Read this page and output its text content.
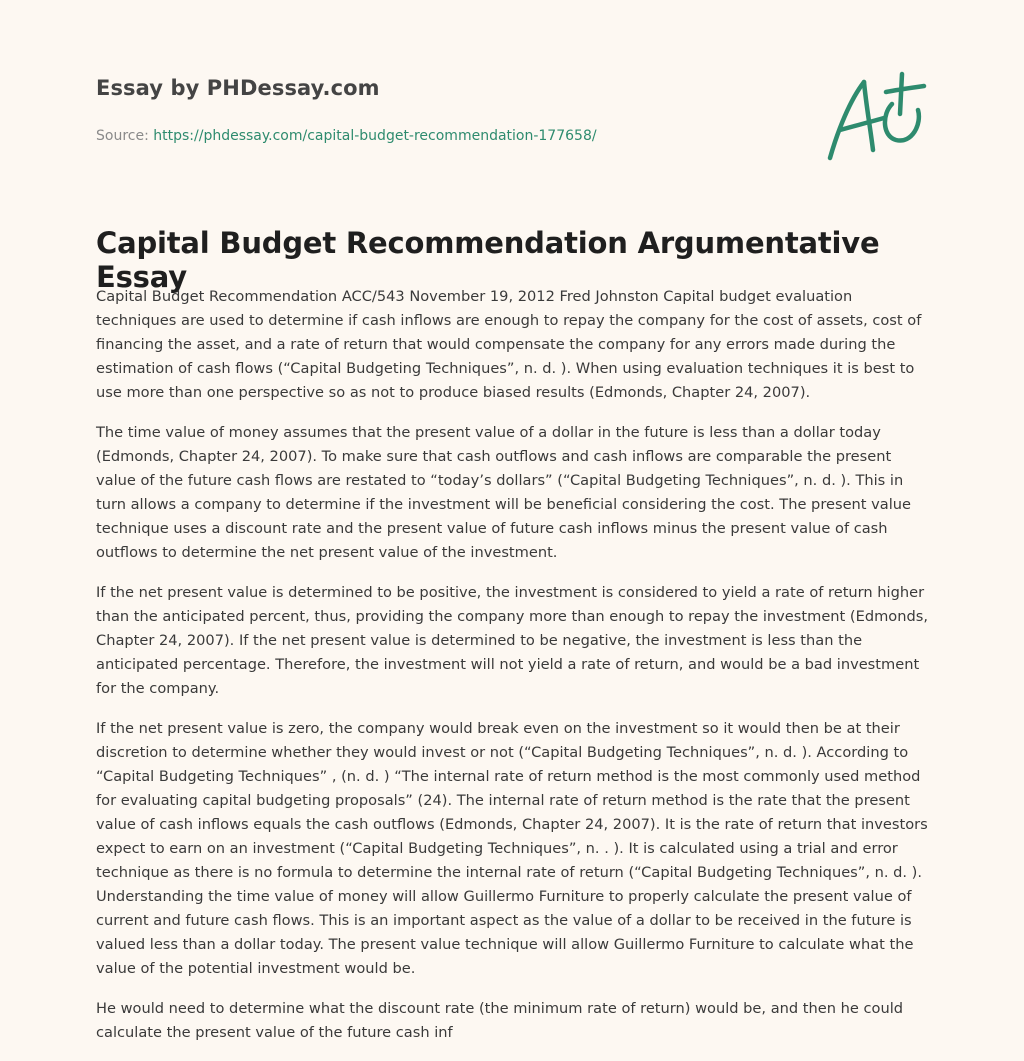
Essay by PHDessay.com
Source: https://phdessay.com/capital-budget-recommendation-177658/
Capital Budget Recommendation Argumentative Essay

Capital Budget Recommendation ACC/543 November 19, 2012 Fred Johnston Capital budget evaluation techniques are used to determine if cash inflows are enough to repay the company for the cost of assets, cost of financing the asset, and a rate of return that would compensate the company for any errors made during the estimation of cash flows (“Capital Budgeting Techniques”, n. d. ). When using evaluation techniques it is best to use more than one perspective so as not to produce biased results (Edmonds, Chapter 24, 2007).

The time value of money assumes that the present value of a dollar in the future is less than a dollar today (Edmonds, Chapter 24, 2007). To make sure that cash outflows and cash inflows are comparable the present value of the future cash flows are restated to “today’s dollars” (“Capital Budgeting Techniques”, n. d. ). This in turn allows a company to determine if the investment will be beneficial considering the cost. The present value technique uses a discount rate and the present value of future cash inflows minus the present value of cash outflows to determine the net present value of the investment.

If the net present value is determined to be positive, the investment is considered to yield a rate of return higher than the anticipated percent, thus, providing the company more than enough to repay the investment (Edmonds, Chapter 24, 2007). If the net present value is determined to be negative, the investment is less than the anticipated percentage. Therefore, the investment will not yield a rate of return, and would be a bad investment for the company.

If the net present value is zero, the company would break even on the investment so it would then be at their discretion to determine whether they would invest or not (“Capital Budgeting Techniques”, n. d. ). According to “Capital Budgeting Techniques” , (n. d. ) “The internal rate of return method is the most commonly used method for evaluating capital budgeting proposals” (24). The internal rate of return method is the rate that the present value of cash inflows equals the cash outflows (Edmonds, Chapter 24, 2007). It is the rate of return that investors expect to earn on an investment (“Capital Budgeting Techniques”, n. . ). It is calculated using a trial and error technique as there is no formula to determine the internal rate of return (“Capital Budgeting Techniques”, n. d. ). Understanding the time value of money will allow Guillermo Furniture to properly calculate the present value of current and future cash flows. This is an important aspect as the value of a dollar to be received in the future is valued less than a dollar today. The present value technique will allow Guillermo Furniture to calculate what the value of the potential investment would be.

He would need to determine what the discount rate (the minimum rate of return) would be, and then he could calculate the present value of the future cash inf
